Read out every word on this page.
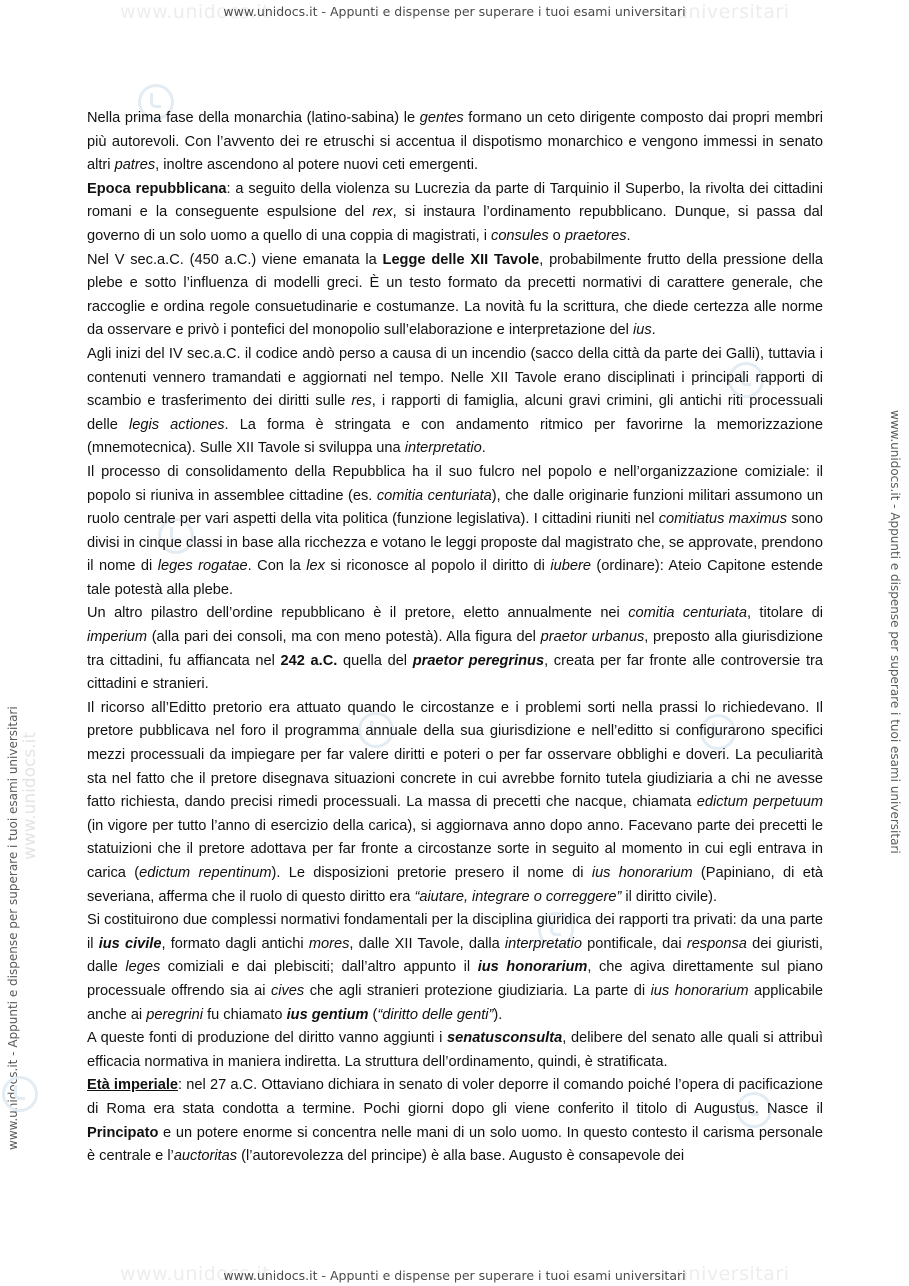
www.unidocs.it	universitari
www.unidocs.it - Appunti e dispense per superare i tuoi esami universitari
www.unidocs.it	universitari
www.unidocs.it - Appunti e dispense per superare i tuoi esami universitari
www.unidocs.it - Appunti e dispense per superare i tuoi esami universitari www.unidocs.it	www.unidocs.it - Appunti e dispense per superare i tuoi esami universitari

Nella prima fase della monarchia (latino-sabina) le gentes formano un ceto dirigente composto dai propri membri più autorevoli. Con l’avvento dei re etruschi si accentua il dispotismo monarchico e vengono immessi in senato altri patres, inoltre ascendono al potere nuovi ceti emergenti.

Epoca repubblicana: a seguito della violenza su Lucrezia da parte di Tarquinio il Superbo, la rivolta dei cittadini romani e la conseguente espulsione del rex, si instaura l’ordinamento repubblicano. Dunque, si passa dal governo di un solo uomo a quello di una coppia di magistrati, i consules o praetores.

Nel V sec.a.C. (450 a.C.) viene emanata la Legge delle XII Tavole, probabilmente frutto della pressione della plebe e sotto l’influenza di modelli greci. È un testo formato da precetti normativi di carattere generale, che raccoglie e ordina regole consuetudinarie e costumanze. La novità fu la scrittura, che diede certezza alle norme da osservare e privò i pontefici del monopolio sull’elaborazione e interpretazione del ius.

Agli inizi del IV sec.a.C. il codice andò perso a causa di un incendio (sacco della città da parte dei Galli), tuttavia i contenuti vennero tramandati e aggiornati nel tempo. Nelle XII Tavole erano disciplinati i principali rapporti di scambio e trasferimento dei diritti sulle res, i rapporti di famiglia, alcuni gravi crimini, gli antichi riti processuali delle legis actiones. La forma è stringata e con andamento ritmico per favorirne la memorizzazione (mnemotecnica). Sulle XII Tavole si sviluppa una interpretatio.

Il processo di consolidamento della Repubblica ha il suo fulcro nel popolo e nell’organizzazione comiziale: il popolo si riuniva in assemblee cittadine (es. comitia centuriata), che dalle originarie funzioni militari assumono un ruolo centrale per vari aspetti della vita politica (funzione legislativa). I cittadini riuniti nel comitiatus maximus sono divisi in cinque classi in base alla ricchezza e votano le leggi proposte dal magistrato che, se approvate, prendono il nome di leges rogatae. Con la lex si riconosce al popolo il diritto di iubere (ordinare): Ateio Capitone estende tale potestà alla plebe.

Un altro pilastro dell’ordine repubblicano è il pretore, eletto annualmente nei comitia centuriata, titolare di imperium (alla pari dei consoli, ma con meno potestà). Alla figura del praetor urbanus, preposto alla giurisdizione tra cittadini, fu affiancata nel 242 a.C. quella del praetor peregrinus, creata per far fronte alle controversie tra cittadini e stranieri.

Il ricorso all’Editto pretorio era attuato quando le circostanze e i problemi sorti nella prassi lo richiedevano. Il pretore pubblicava nel foro il programma annuale della sua giurisdizione e nell’editto si configurarono specifici mezzi processuali da impiegare per far valere diritti e poteri o per far osservare obblighi e doveri. La peculiarità sta nel fatto che il pretore disegnava situazioni concrete in cui avrebbe fornito tutela giudiziaria a chi ne avesse fatto richiesta, dando precisi rimedi processuali. La massa di precetti che nacque, chiamata edictum perpetuum (in vigore per tutto l’anno di esercizio della carica), si aggiornava anno dopo anno. Facevano parte dei precetti le statuizioni che il pretore adottava per far fronte a circostanze sorte in seguito al momento in cui egli entrava in carica (edictum repentinum). Le disposizioni pretorie presero il nome di ius honorarium (Papiniano, di età severiana, afferma che il ruolo di questo diritto era “aiutare, integrare o correggere” il diritto civile).

Si costituirono due complessi normativi fondamentali per la disciplina giuridica dei rapporti tra privati: da una parte il ius civile, formato dagli antichi mores, dalle XII Tavole, dalla interpretatio pontificale, dai responsa dei giuristi, dalle leges comiziali e dai plebisciti; dall’altro appunto il ius honorarium, che agiva direttamente sul piano processuale offrendo sia ai cives che agli stranieri protezione giudiziaria. La parte di ius honorarium applicabile anche ai peregrini fu chiamato ius gentium (“diritto delle genti”).

A queste fonti di produzione del diritto vanno aggiunti i senatusconsulta, delibere del senato alle quali si attribuì efficacia normativa in maniera indiretta. La struttura dell’ordinamento, quindi, è stratificata.

Età imperiale: nel 27 a.C. Ottaviano dichiara in senato di voler deporre il comando poiché l’opera di pacificazione di Roma era stata condotta a termine. Pochi giorni dopo gli viene conferito il titolo di Augustus. Nasce il Principato e un potere enorme si concentra nelle mani di un solo uomo. In questo contesto il carisma personale è centrale e l’auctoritas (l’autorevolezza del principe) è alla base. Augusto è consapevole dei
